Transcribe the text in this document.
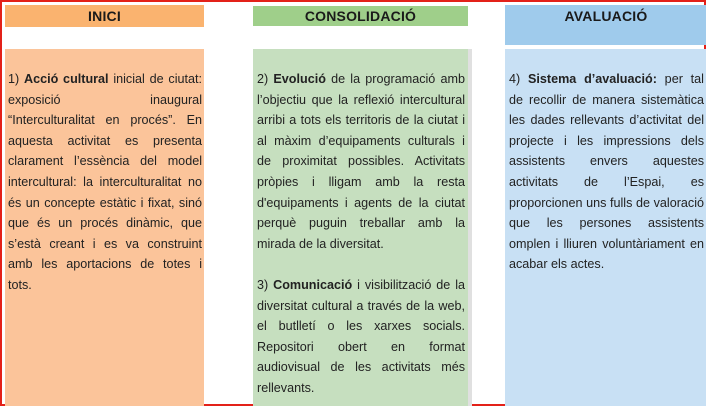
INICI	CONSOLIDACIÓ	AVALUACIÓ

1) Acció cultural inicial de ciutat: exposició inaugural “Interculturalitat en procés”. En aquesta activitat es presenta clarament l’essència del model intercultural: la interculturalitat no és un concepte estàtic i fixat, sinó que és un procés dinàmic, que s’està creant i es va construint amb les aportacions de totes i tots.

2) Evolució de la programació amb l’objectiu que la reflexió intercultural arribi a tots els territoris de la ciutat i al màxim d’equipaments culturals i de proximitat possibles. Activitats pròpies i lligam amb la resta d'equipaments i agents de la ciutat perquè puguin treballar amb la mirada de la diversitat.

3) Comunicació i visibilització de la diversitat cultural a través de la web, el butlletí o les xarxes socials. Repositori obert en format audiovisual de les activitats més rellevants.

4) Sistema d’avaluació: per tal de recollir de manera sistemàtica les dades rellevants d’activitat del projecte i les impressions dels assistents envers aquestes activitats de l’Espai, es proporcionen uns fulls de valoració que les persones assistents omplen i lliuren voluntàriament en acabar els actes.
